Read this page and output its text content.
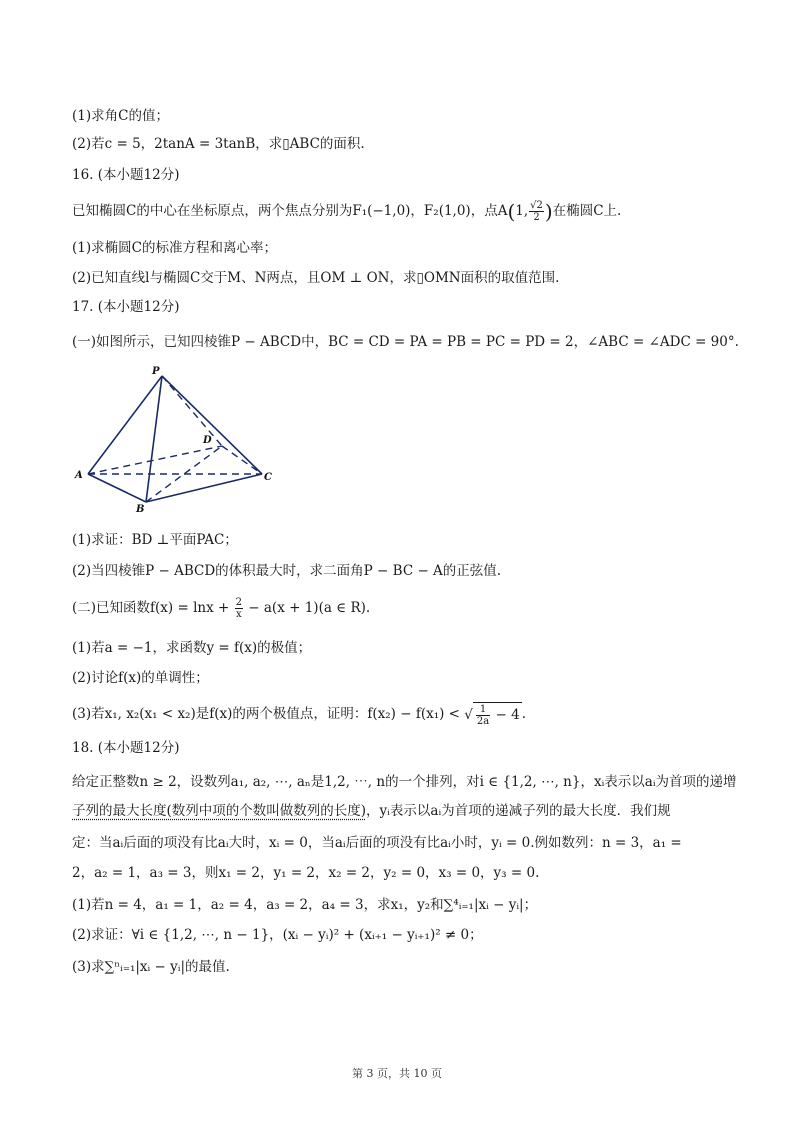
(1)求角C的值；
(2)若c = 5，2tanA = 3tanB，求▯ABC的面积.
16. (本小题12分)
已知椭圆C的中心在坐标原点，两个焦点分别为F₁(−1,0)，F₂(1,0)，点A(1, $\frac{√2}{2}$ )在椭圆C上.
(1)求椭圆C的标准方程和离心率；
(2)已知直线l与椭圆C交于M、N两点，且OM ⊥ ON，求▯OMN面积的取值范围.
17. (本小题12分)
(一)如图所示，已知四棱锥P − ABCD中，BC = CD = PA = PB = PC = PD = 2，∠ABC = ∠ADC = 90°.
P
A
B
C
D
(1)求证：BD ⊥平面PAC；
(2)当四棱锥P − ABCD的体积最大时，求二面角P − BC − A的正弦值.
(二)已知函数$f(x) = \ln x + \frac{2}{x} - a(x + 1)(a$ ∈ R).
(1)若a = −1，求函数y = f(x)的极值；
(2)讨论f(x)的单调性；
(3)若x₁, x₂(x₁ < x₂)是f(x)的两个极值点，证明：f(x₂) − f(x₁) < √ $\frac{1}{2a} - 4$ .
18. (本小题12分)
给定正整数n ≥ 2，设数列a₁, a₂, ⋯, aₙ是1,2, ⋯, n的一个排列，对i ∈ {1,2, ⋯, n}，xᵢ表示以aᵢ为首项的递增
子列的最大长度(数列中项的个数叫做数列的长度)，yᵢ表示以aᵢ为首项的递减子列的最大长度．我们规
定：当aᵢ后面的项没有比aᵢ大时，xᵢ = 0，当aᵢ后面的项没有比aᵢ小时，yᵢ = 0.例如数列：n = 3，a₁ =
2，a₂ = 1，a₃ = 3，则x₁ = 2，y₁ = 2，x₂ = 2，y₂ = 0，x₃ = 0，y₃ = 0.
(1)若n = 4，a₁ = 1，a₂ = 4，a₃ = 2，a₄ = 3，求x₁，y₂和∑⁴ᵢ₌₁|xᵢ − yᵢ|；
(2)求证：∀i ∈ {1,2, ⋯, n − 1}，(xᵢ − yᵢ)² + (xᵢ₊₁ − yᵢ₊₁)² ≠ 0；
(3)求∑ⁿᵢ₌₁|xᵢ − yᵢ|的最值.
第 3 页，共 10 页
